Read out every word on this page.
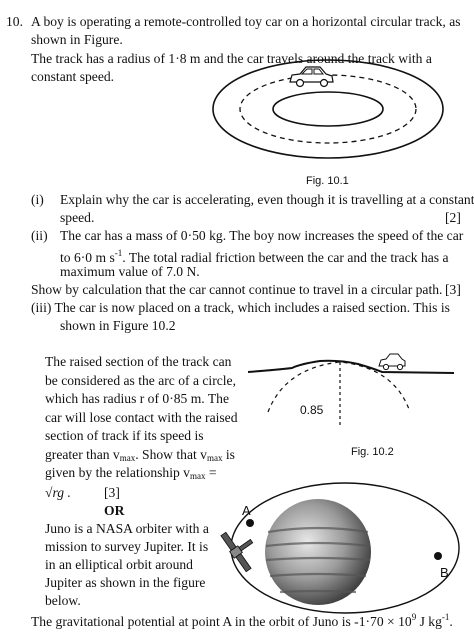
10. A boy is operating a remote-controlled toy car on a horizontal circular track, as
shown in Figure.
The track has a radius of 1·8 m and the car travels around the track with a
constant speed.
Fig. 10.1
(i) Explain why the car is accelerating, even though it is travelling at a constant
speed.	[2]
(ii) The car has a mass of 0·50 kg. The boy now increases the speed of the car
to 6·0 m $s^{-1}$. The total radial friction between the car and the track has a
maximum value of 7.0 N.
Show by calculation that the car cannot continue to travel in a circular path. [3]
(iii) The car is now placed on a track, which includes a raised section. This is
shown in Figure 10.2
The raised section of the track can
be considered as the arc of a circle,
which has radius r of 0·85 m. The
car will lose contact with the raised
section of track if its speed is
greater than $v_{max}$. Show that $v_{max}$ is
given by the relationship $v_{max}$ =
√rg . [3]
0.85
Fig. 10.2
OR
Juno is a NASA orbiter with a
mission to survey Jupiter. It is
in an elliptical orbit around
Jupiter as shown in the figure
below.
A
B
The gravitational potential at point A in the orbit of Juno is $-1\cdot 70 \times 10^9$ J $kg^{-1}$.
